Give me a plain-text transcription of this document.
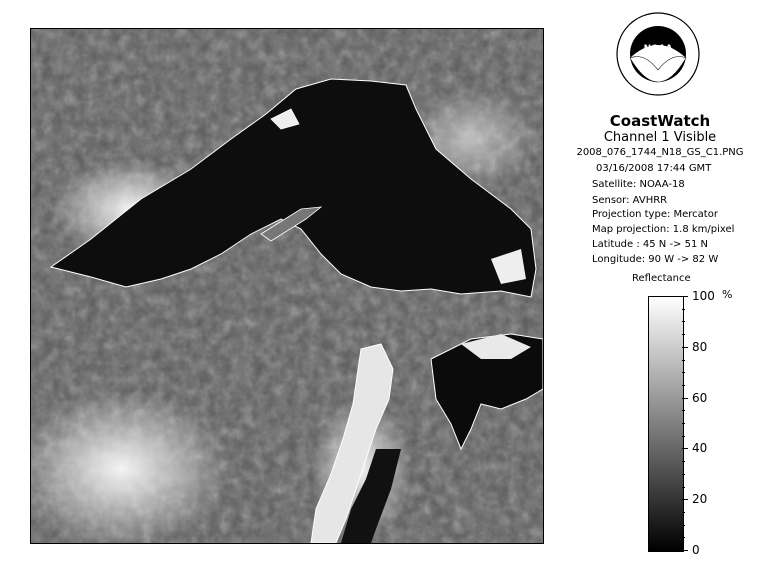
NOAA
CoastWatch
Channel 1 Visible
2008_076_1744_N18_GS_C1.PNG
03/16/2008 17:44 GMT
Satellite: NOAA-18
Sensor: AVHRR
Projection type: Mercator
Map projection: 1.8 km/pixel
Latitude : 45 N -> 51 N
Longitude: 90 W -> 82 W
Reflectance
%
100
80
60
40
20
0
